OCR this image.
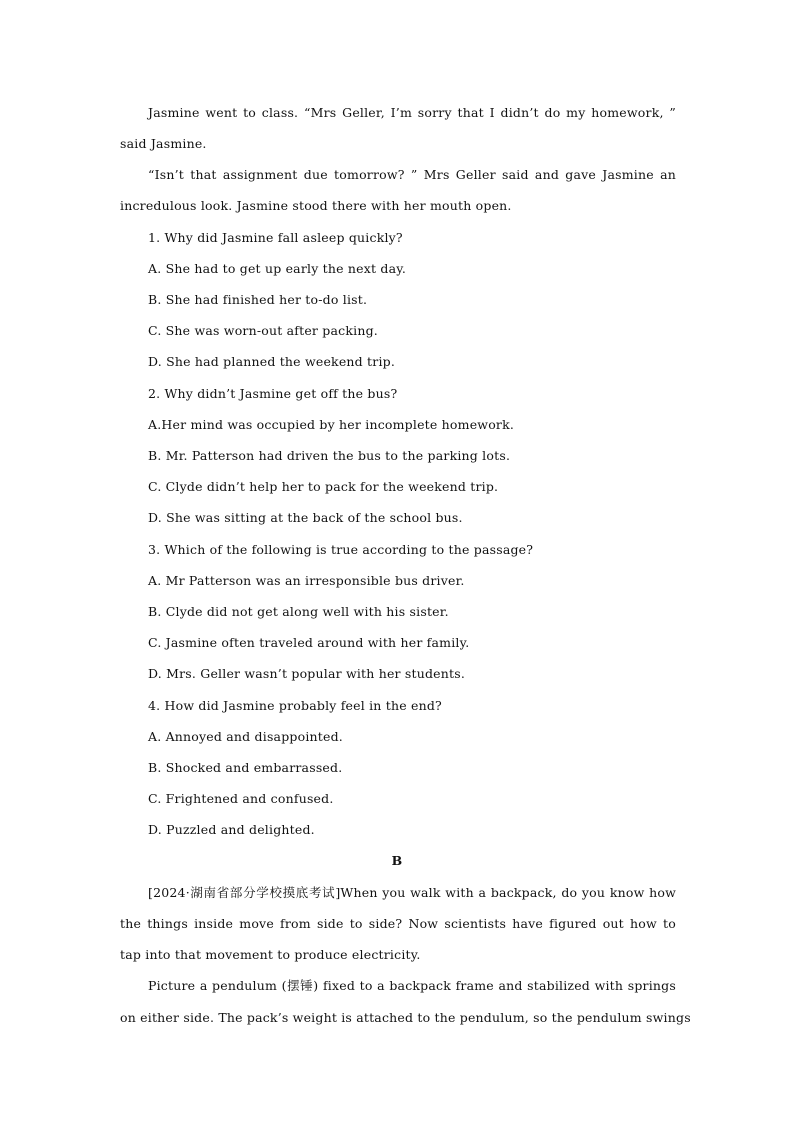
Jasmine went to class. “Mrs Geller, I’m sorry that I didn’t do my homework, ”
said Jasmine.
“Isn’t that assignment due tomorrow? ” Mrs Geller said and gave Jasmine an
incredulous look. Jasmine stood there with her mouth open.
1. Why did Jasmine fall asleep quickly?
A. She had to get up early the next day.
B. She had finished her to-do list.
C. She was worn-out after packing.
D. She had planned the weekend trip.
2. Why didn’t Jasmine get off the bus?
A.Her mind was occupied by her incomplete homework.
B. Mr. Patterson had driven the bus to the parking lots.
C. Clyde didn’t help her to pack for the weekend trip.
D. She was sitting at the back of the school bus.
3. Which of the following is true according to the passage?
A. Mr Patterson was an irresponsible bus driver.
B. Clyde did not get along well with his sister.
C. Jasmine often traveled around with her family.
D. Mrs. Geller wasn’t popular with her students.
4. How did Jasmine probably feel in the end?
A. Annoyed and disappointed.
B. Shocked and embarrassed.
C. Frightened and confused.
D. Puzzled and delighted.
B
[2024·湖南省部分学校摸底考试]When you walk with a backpack, do you know how
the things inside move from side to side? Now scientists have figured out how to
tap into that movement to produce electricity.
Picture a pendulum (摆锤) fixed to a backpack frame and stabilized with springs
on either side. The pack’s weight is attached to the pendulum, so the pendulum swings
